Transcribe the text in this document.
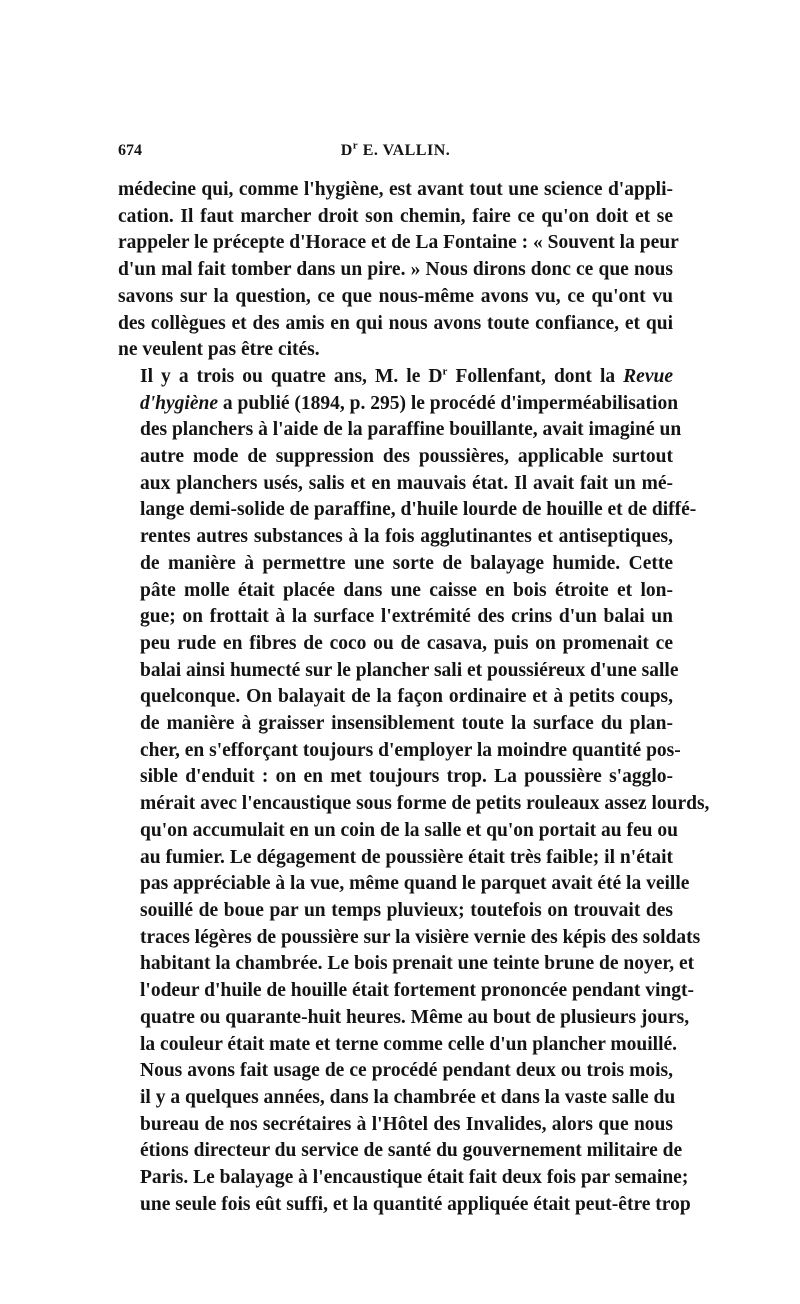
674	$D^r$ E. VALLIN.
médecine qui, comme l'hygiène, est avant tout une science d'appli-
cation. Il faut marcher droit son chemin, faire ce qu'on doit et se
rappeler le précepte d'Horace et de La Fontaine : « Souvent la peur
d'un mal fait tomber dans un pire. » Nous dirons donc ce que nous
savons sur la question, ce que nous-même avons vu, ce qu'ont vu
des collègues et des amis en qui nous avons toute confiance, et qui
ne veulent pas être cités.
Il y a trois ou quatre ans, M. le $D^r$ Follenfant, dont la Revue
d'hygiène a publié (1894, p. 295) le procédé d'imperméabilisation
des planchers à l'aide de la paraffine bouillante, avait imaginé un
autre mode de suppression des poussières, applicable surtout
aux planchers usés, salis et en mauvais état. Il avait fait un mé-
lange demi-solide de paraffine, d'huile lourde de houille et de diffé-
rentes autres substances à la fois agglutinantes et antiseptiques,
de manière à permettre une sorte de balayage humide. Cette
pâte molle était placée dans une caisse en bois étroite et lon-
gue; on frottait à la surface l'extrémité des crins d'un balai un
peu rude en fibres de coco ou de casava, puis on promenait ce
balai ainsi humecté sur le plancher sali et poussiéreux d'une salle
quelconque. On balayait de la façon ordinaire et à petits coups,
de manière à graisser insensiblement toute la surface du plan-
cher, en s'efforçant toujours d'employer la moindre quantité pos-
sible d'enduit : on en met toujours trop. La poussière s'agglo-
mérait avec l'encaustique sous forme de petits rouleaux assez lourds,
qu'on accumulait en un coin de la salle et qu'on portait au feu ou
au fumier. Le dégagement de poussière était très faible; il n'était
pas appréciable à la vue, même quand le parquet avait été la veille
souillé de boue par un temps pluvieux; toutefois on trouvait des
traces légères de poussière sur la visière vernie des képis des soldats
habitant la chambrée. Le bois prenait une teinte brune de noyer, et
l'odeur d'huile de houille était fortement prononcée pendant vingt-
quatre ou quarante-huit heures. Même au bout de plusieurs jours,
la couleur était mate et terne comme celle d'un plancher mouillé.
Nous avons fait usage de ce procédé pendant deux ou trois mois,
il y a quelques années, dans la chambrée et dans la vaste salle du
bureau de nos secrétaires à l'Hôtel des Invalides, alors que nous
étions directeur du service de santé du gouvernement militaire de
Paris. Le balayage à l'encaustique était fait deux fois par semaine;
une seule fois eût suffi, et la quantité appliquée était peut-être trop
